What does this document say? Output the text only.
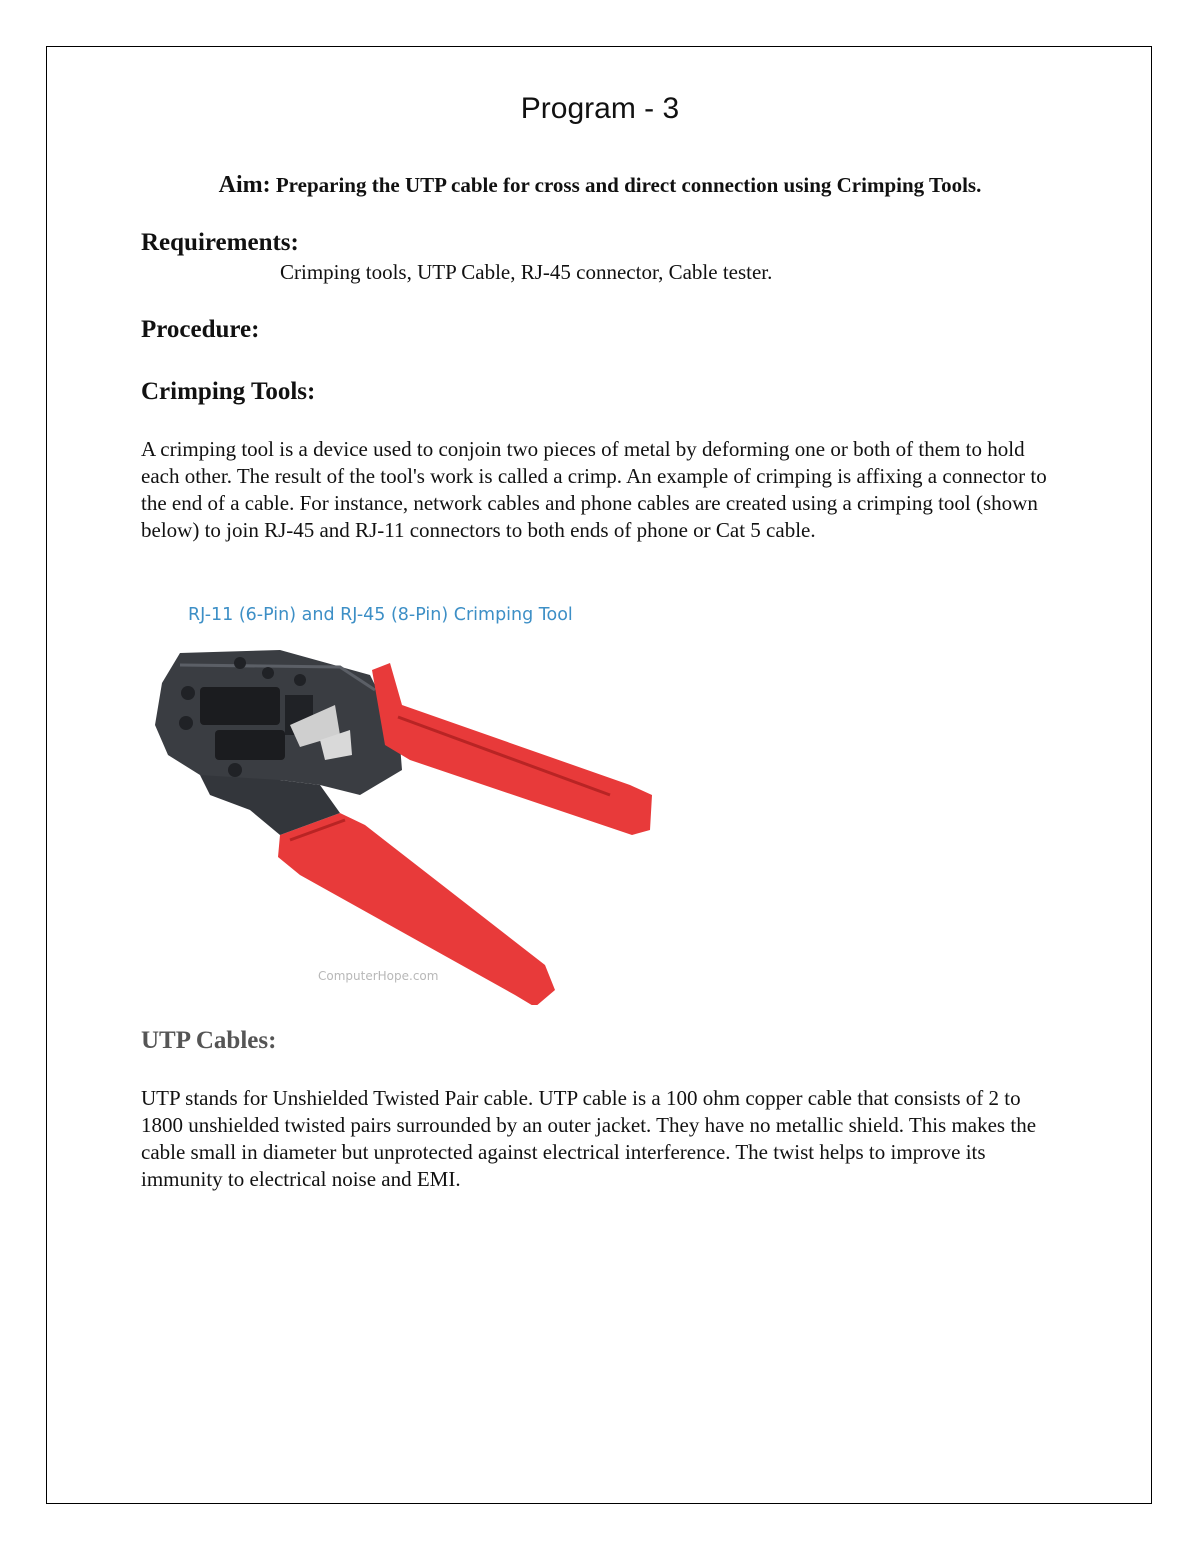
Program - 3
Aim: Preparing the UTP cable for cross and direct connection using Crimping Tools.
Requirements:
Crimping tools, UTP Cable, RJ-45 connector, Cable tester.
Procedure:
Crimping Tools:

A crimping tool is a device used to conjoin two pieces of metal by deforming one or both of them to hold each other. The result of the tool's work is called a crimp. An example of crimping is affixing a connector to the end of a cable. For instance, network cables and phone cables are created using a crimping tool (shown below) to join RJ-45 and RJ-11 connectors to both ends of phone or Cat 5 cable.

RJ-11 (6-Pin) and RJ-45 (8-Pin) Crimping Tool
ComputerHope.com
UTP Cables:

UTP stands for Unshielded Twisted Pair cable. UTP cable is a 100 ohm copper cable that consists of 2 to 1800 unshielded twisted pairs surrounded by an outer jacket. They have no metallic shield. This makes the cable small in diameter but unprotected against electrical interference. The twist helps to improve its immunity to electrical noise and EMI.
